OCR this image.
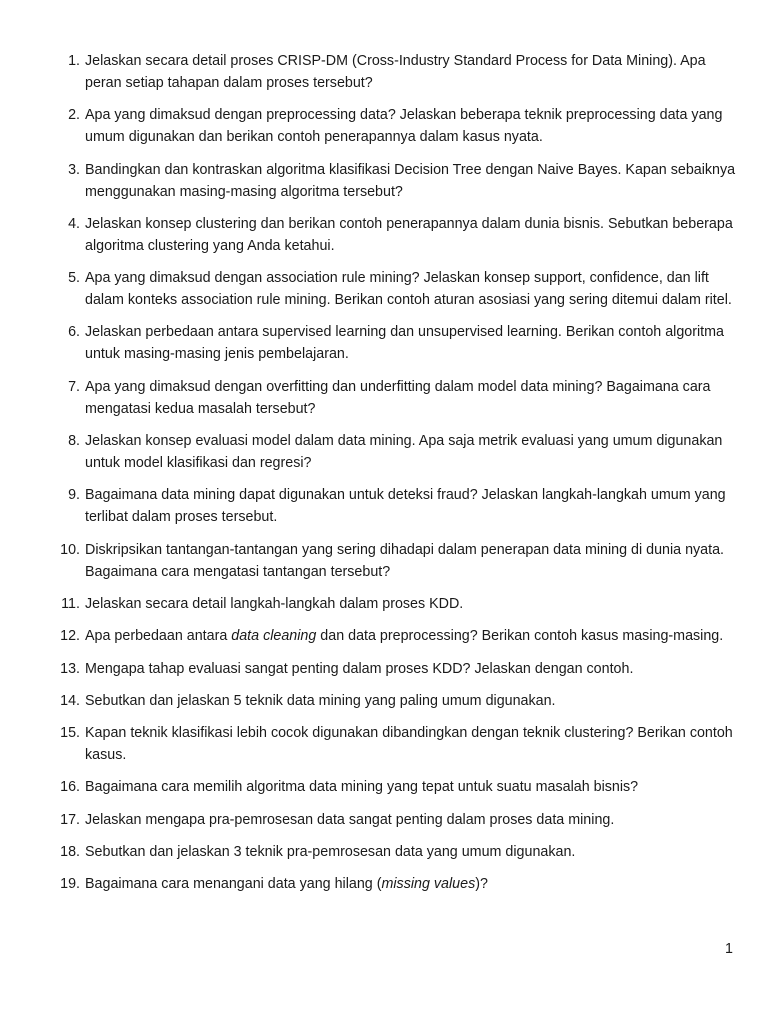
1. Jelaskan secara detail proses CRISP-DM (Cross-Industry Standard Process for Data Mining). Apa peran setiap tahapan dalam proses tersebut?
2. Apa yang dimaksud dengan preprocessing data? Jelaskan beberapa teknik preprocessing data yang umum digunakan dan berikan contoh penerapannya dalam kasus nyata.
3. Bandingkan dan kontraskan algoritma klasifikasi Decision Tree dengan Naive Bayes. Kapan sebaiknya menggunakan masing-masing algoritma tersebut?
4. Jelaskan konsep clustering dan berikan contoh penerapannya dalam dunia bisnis. Sebutkan beberapa algoritma clustering yang Anda ketahui.
5. Apa yang dimaksud dengan association rule mining? Jelaskan konsep support, confidence, dan lift dalam konteks association rule mining. Berikan contoh aturan asosiasi yang sering ditemui dalam ritel.
6. Jelaskan perbedaan antara supervised learning dan unsupervised learning. Berikan contoh algoritma untuk masing-masing jenis pembelajaran.
7. Apa yang dimaksud dengan overfitting dan underfitting dalam model data mining? Bagaimana cara mengatasi kedua masalah tersebut?
8. Jelaskan konsep evaluasi model dalam data mining. Apa saja metrik evaluasi yang umum digunakan untuk model klasifikasi dan regresi?
9. Bagaimana data mining dapat digunakan untuk deteksi fraud? Jelaskan langkah-langkah umum yang terlibat dalam proses tersebut.
10. Diskripsikan tantangan-tantangan yang sering dihadapi dalam penerapan data mining di dunia nyata. Bagaimana cara mengatasi tantangan tersebut?
11. Jelaskan secara detail langkah-langkah dalam proses KDD.
12. Apa perbedaan antara data cleaning dan data preprocessing? Berikan contoh kasus masing-masing.
13. Mengapa tahap evaluasi sangat penting dalam proses KDD? Jelaskan dengan contoh.
14. Sebutkan dan jelaskan 5 teknik data mining yang paling umum digunakan.
15. Kapan teknik klasifikasi lebih cocok digunakan dibandingkan dengan teknik clustering? Berikan contoh kasus.
16. Bagaimana cara memilih algoritma data mining yang tepat untuk suatu masalah bisnis?
17. Jelaskan mengapa pra-pemrosesan data sangat penting dalam proses data mining.
18. Sebutkan dan jelaskan 3 teknik pra-pemrosesan data yang umum digunakan.
19. Bagaimana cara menangani data yang hilang (missing values)?
1
